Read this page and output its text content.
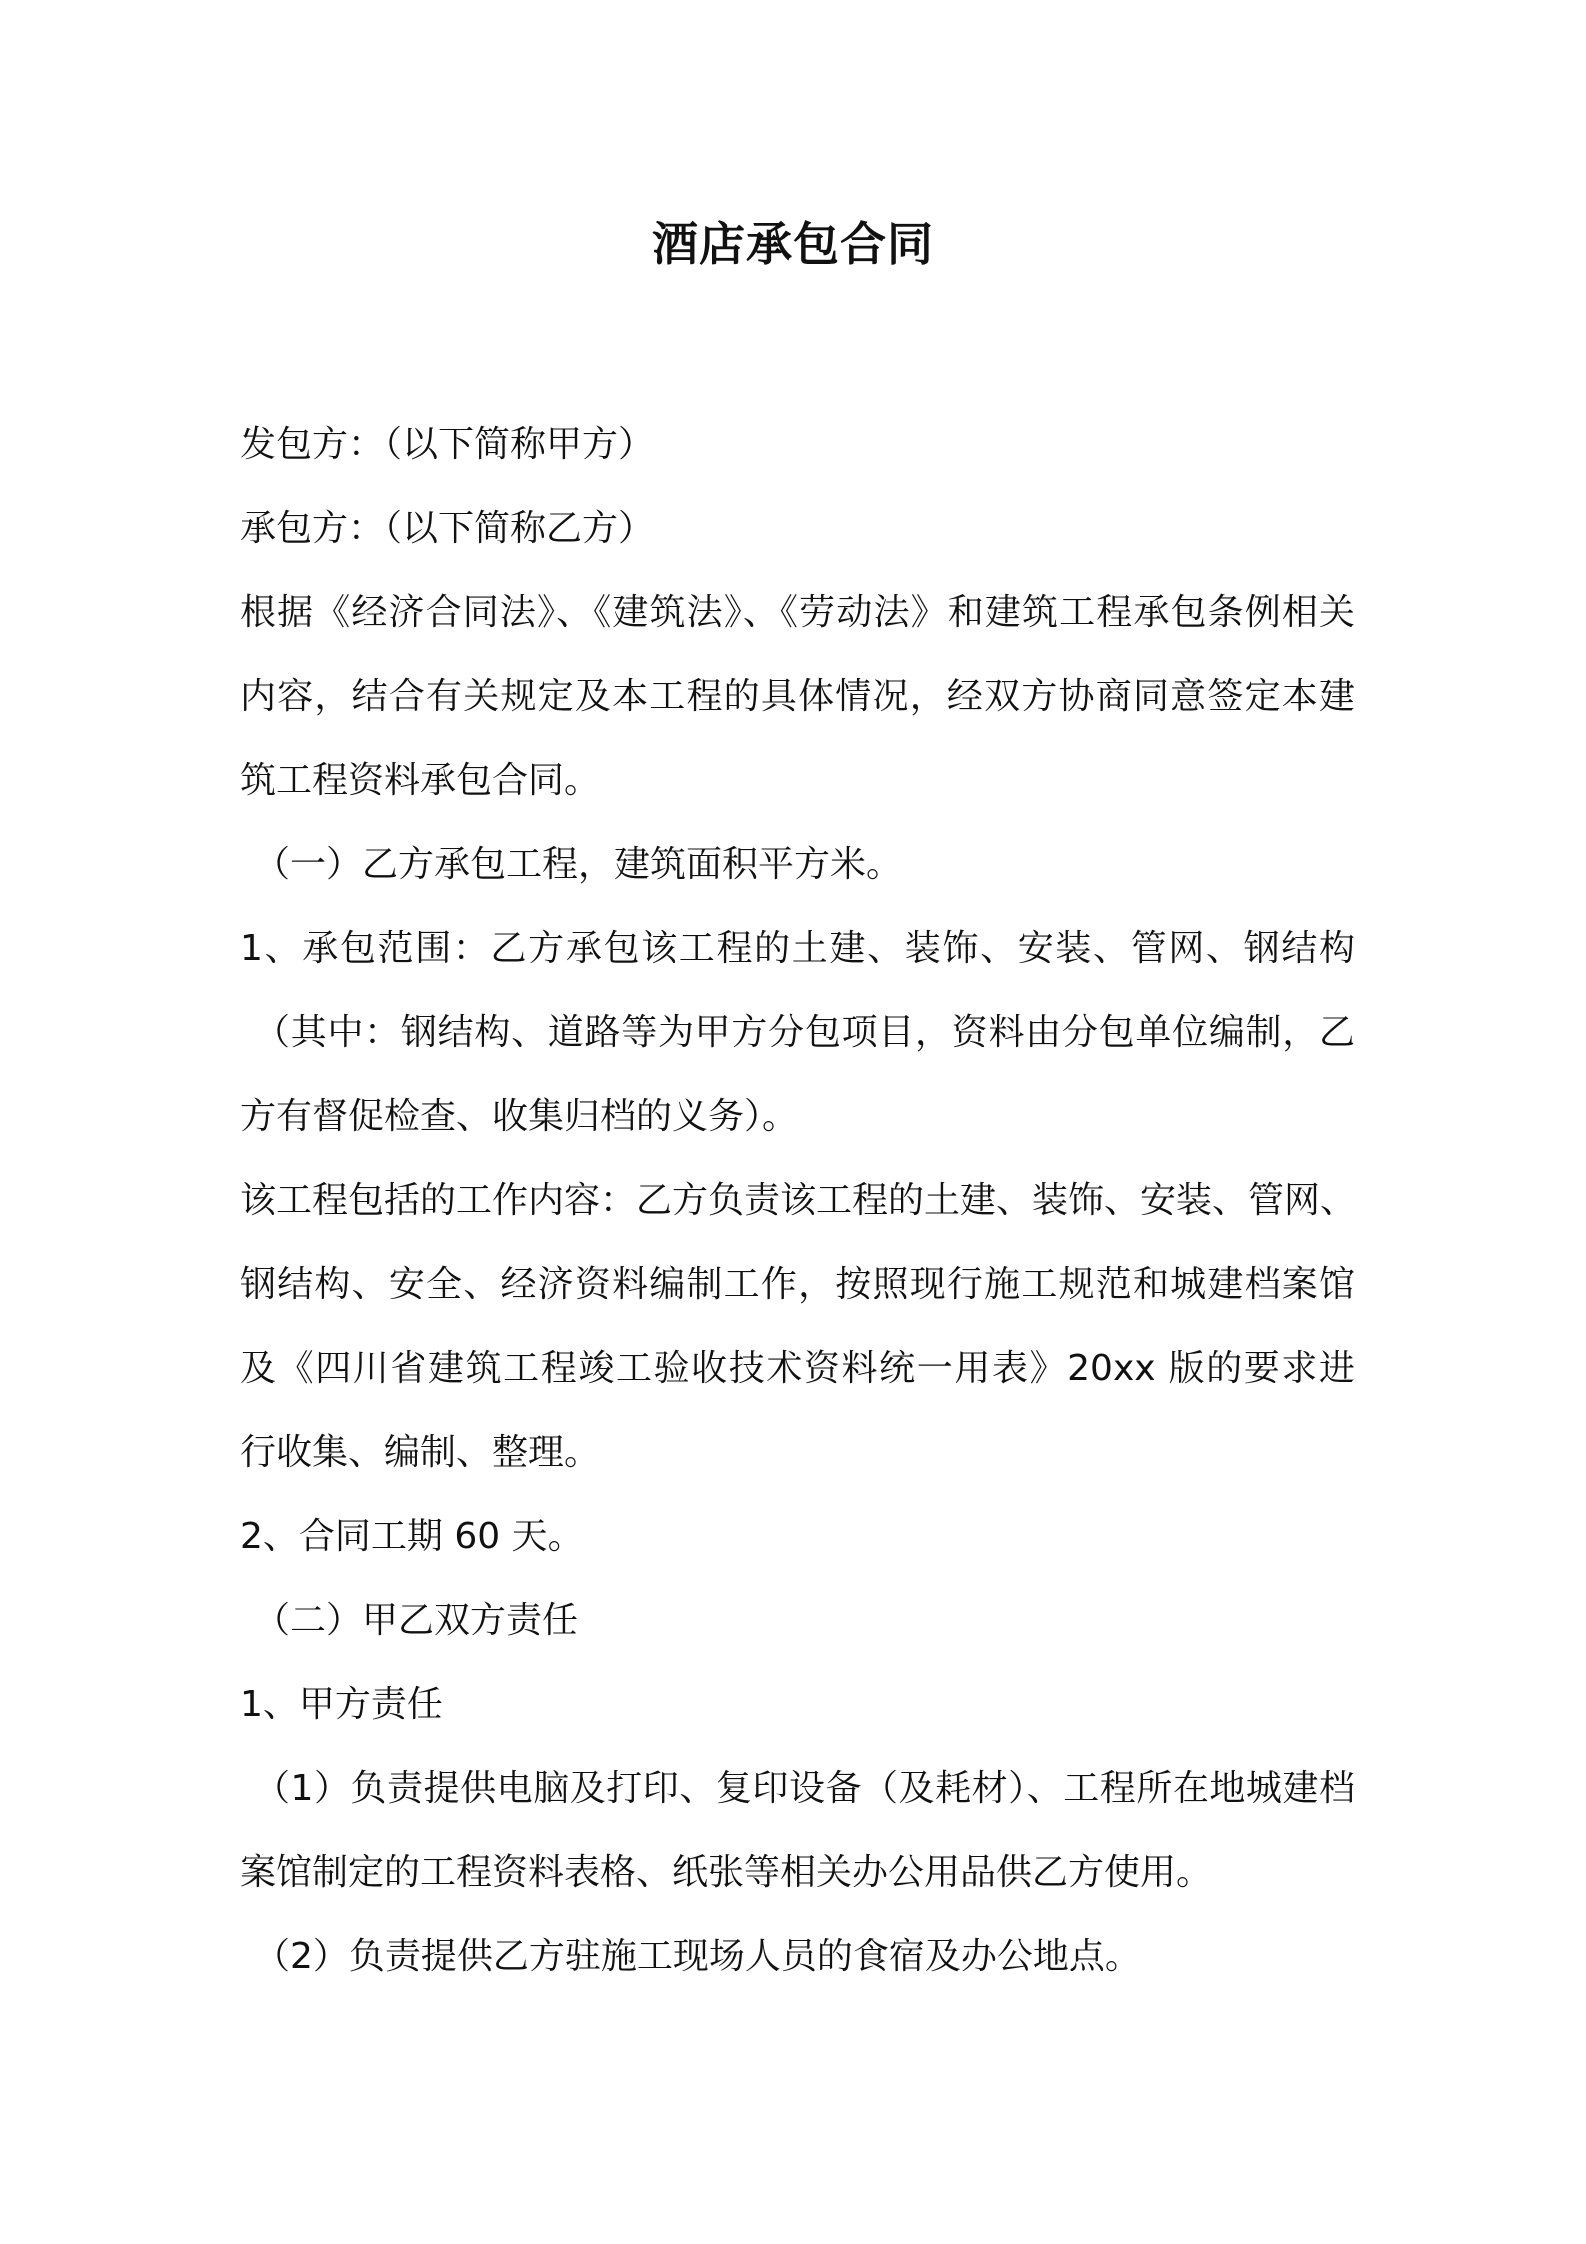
酒店承包合同
发包方：（以下简称甲方）
承包方：（以下简称乙方）
根据《经济合同法》、《建筑法》、《劳动法》和建筑工程承包条例相关
内容，结合有关规定及本工程的具体情况，经双方协商同意签定本建
筑工程资料承包合同。
（一）乙方承包工程，建筑面积平方米。
1、承包范围：乙方承包该工程的土建、装饰、安装、管网、钢结构
（其中：钢结构、道路等为甲方分包项目，资料由分包单位编制，乙
方有督促检查、收集归档的义务）。
该工程包括的工作内容：乙方负责该工程的土建、装饰、安装、管网、
钢结构、安全、经济资料编制工作，按照现行施工规范和城建档案馆
及《四川省建筑工程竣工验收技术资料统一用表》20xx 版的要求进
行收集、编制、整理。
2、合同工期 60 天。
（二）甲乙双方责任
1、甲方责任
（1）负责提供电脑及打印、复印设备（及耗材）、工程所在地城建档
案馆制定的工程资料表格、纸张等相关办公用品供乙方使用。
（2）负责提供乙方驻施工现场人员的食宿及办公地点。
